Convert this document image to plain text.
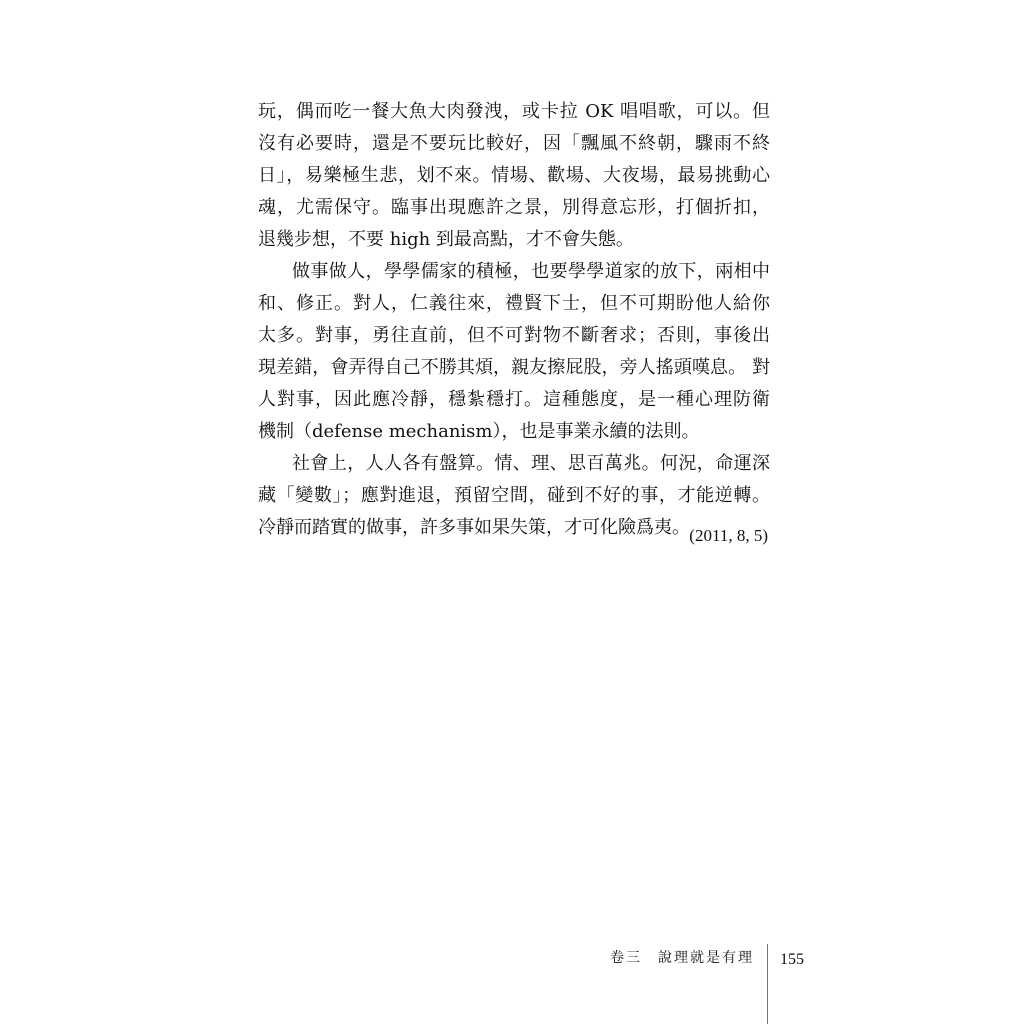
玩，偶而吃一餐大魚大肉發洩，或卡拉 OK 唱唱歌，可以。但
沒有必要時，還是不要玩比較好，因「飄風不終朝，驟雨不終
日」，易樂極生悲，划不來。情場、歡場、大夜場，最易挑動心
魂，尤需保守。臨事出現應許之景，別得意忘形，打個折扣，
退幾步想，不要 high 到最高點，才不會失態。
做事做人，學學儒家的積極，也要學學道家的放下，兩相中
和、修正。對人，仁義往來，禮賢下士，但不可期盼他人給你
太多。對事，勇往直前，但不可對物不斷奢求；否則，事後出
現差錯，會弄得自己不勝其煩，親友擦屁股，旁人搖頭嘆息。 對
人對事，因此應冷靜，穩紮穩打。這種態度，是一種心理防衛
機制（defense mechanism），也是事業永續的法則。
社會上，人人各有盤算。情、理、思百萬兆。何況，命運深
藏「變數」；應對進退，預留空間，碰到不好的事，才能逆轉。
冷靜而踏實的做事，許多事如果失策，才可化險爲夷。 (2011, 8, 5)
卷三　說理就是有理 155
